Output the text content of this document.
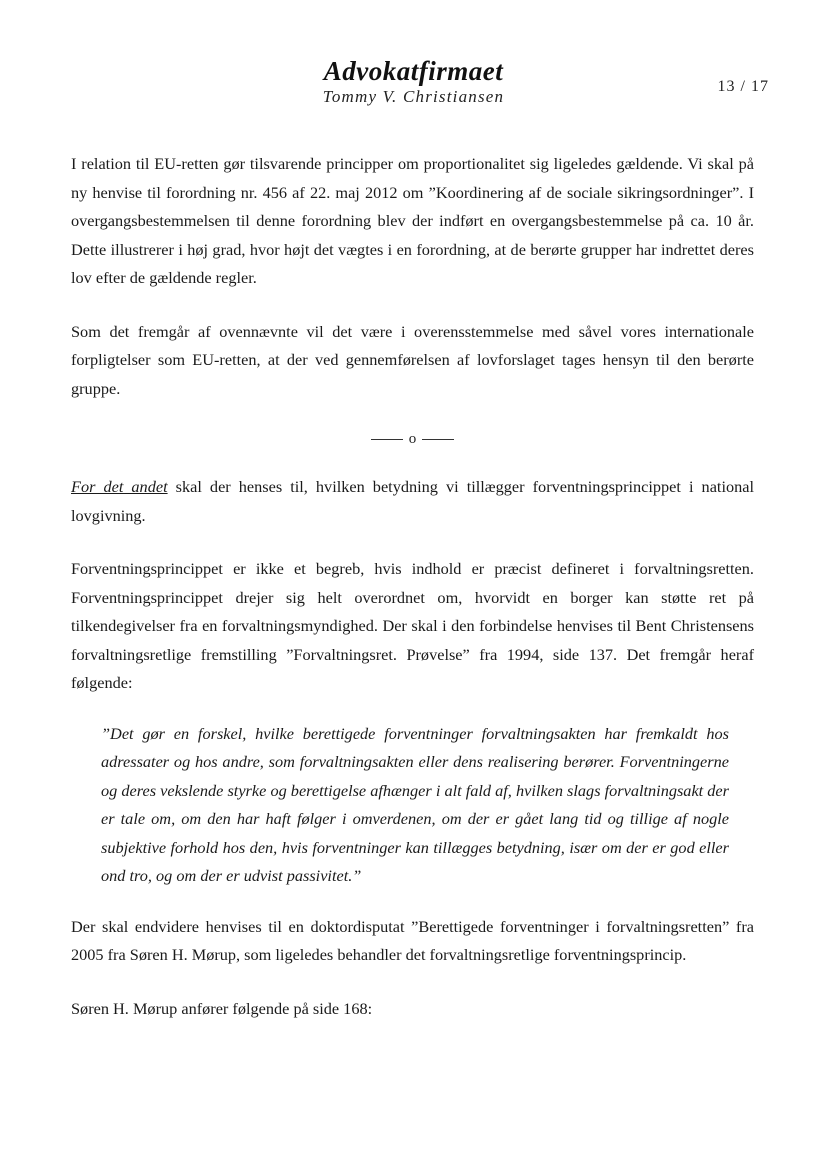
Advokatfirmaet
Tommy V. Christiansen
13 / 17

I relation til EU-retten gør tilsvarende principper om proportionalitet sig ligeledes gældende. Vi skal på ny henvise til forordning nr. 456 af 22. maj 2012 om ”Koordinering af de sociale sikringsordninger”. I overgangsbestemmelsen til denne forordning blev der indført en overgangsbestemmelse på ca. 10 år. Dette illustrerer i høj grad, hvor højt det vægtes i en forordning, at de berørte grupper har indrettet deres lov efter de gældende regler.

Som det fremgår af ovennævnte vil det være i overensstemmelse med såvel vores internationale forpligtelser som EU-retten, at der ved gennemførelsen af lovforslaget tages hensyn til den berørte gruppe.

o

For det andet skal der henses til, hvilken betydning vi tillægger forventningsprincippet i national lovgivning.

Forventningsprincippet er ikke et begreb, hvis indhold er præcist defineret i forvaltningsretten. Forventningsprincippet drejer sig helt overordnet om, hvorvidt en borger kan støtte ret på tilkendegivelser fra en forvaltningsmyndighed. Der skal i den forbindelse henvises til Bent Christensens forvaltningsretlige fremstilling ”Forvaltningsret. Prøvelse” fra 1994, side 137. Det fremgår heraf følgende:

”Det gør en forskel, hvilke berettigede forventninger forvaltningsakten har fremkaldt hos adressater og hos andre, som forvaltningsakten eller dens realisering berører. Forventningerne og deres vekslende styrke og berettigelse afhænger i alt fald af, hvilken slags forvaltningsakt der er tale om, om den har haft følger i omverdenen, om der er gået lang tid og tillige af nogle subjektive forhold hos den, hvis forventninger kan tillægges betydning, især om der er god eller ond tro, og om der er udvist passivitet.”

Der skal endvidere henvises til en doktordisputat ”Berettigede forventninger i forvaltningsretten” fra 2005 fra Søren H. Mørup, som ligeledes behandler det forvaltningsretlige forventningsprincip.

Søren H. Mørup anfører følgende på side 168:
